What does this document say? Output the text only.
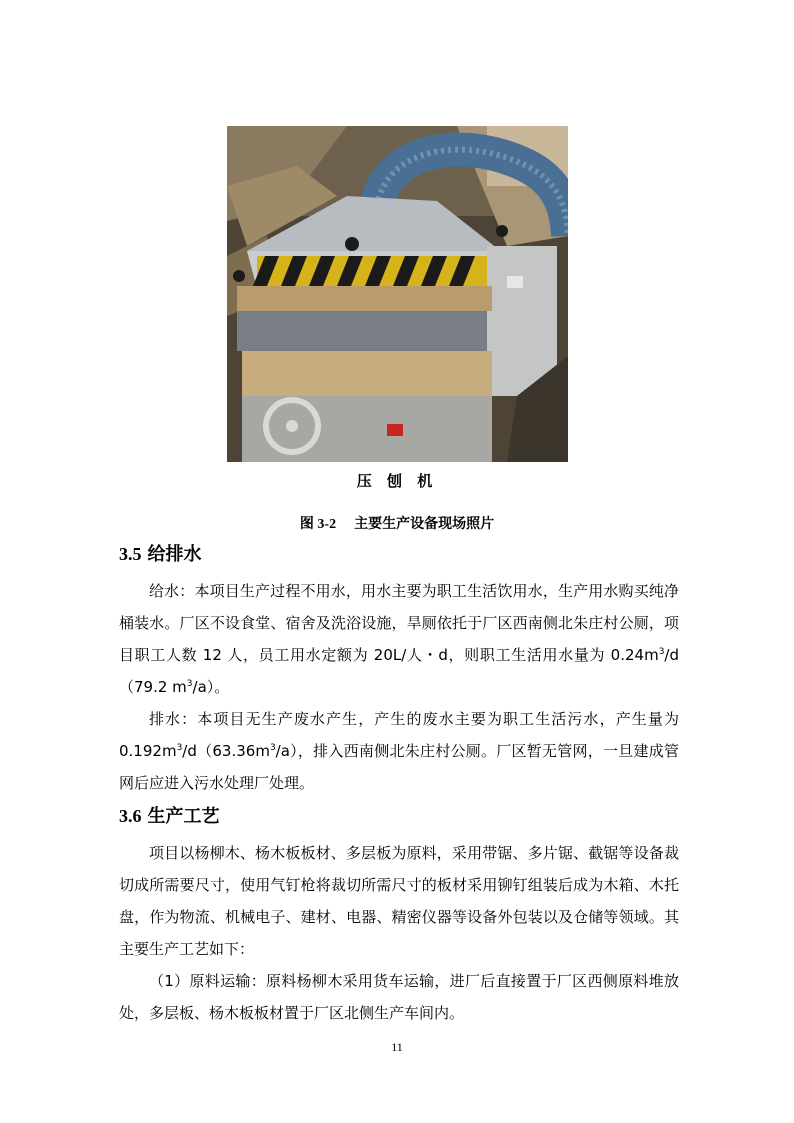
压 刨 机
图 3-2 主要生产设备现场照片
3.5 给排水
给水：本项目生产过程不用水，用水主要为职工生活饮用水，生产用水购买纯净桶装水。厂区不设食堂、宿舍及洗浴设施，旱厕依托于厂区西南侧北朱庄村公厕，项目职工人数 12 人，员工用水定额为 20L/人・d，则职工生活用水量为 $0.24m^3/d(79.2$ $m^3/a$）。
排水：本项目无生产废水产生，产生的废水主要为职工生活污水，产生量为 $0.192m^3/d(63.36m^3/a)$，排入西南侧北朱庄村公厕。厂区暂无管网，一旦建成管网后应进入污水处理厂处理。
3.6 生产工艺
项目以杨柳木、杨木板板材、多层板为原料，采用带锯、多片锯、截锯等设备裁切成所需要尺寸，使用气钉枪将裁切所需尺寸的板材采用铆钉组装后成为木箱、木托盘，作为物流、机械电子、建材、电器、精密仪器等设备外包装以及仓储等领域。其主要生产工艺如下：
（1）原料运输：原料杨柳木采用货车运输，进厂后直接置于厂区西侧原料堆放处，多层板、杨木板板材置于厂区北侧生产车间内。
11
